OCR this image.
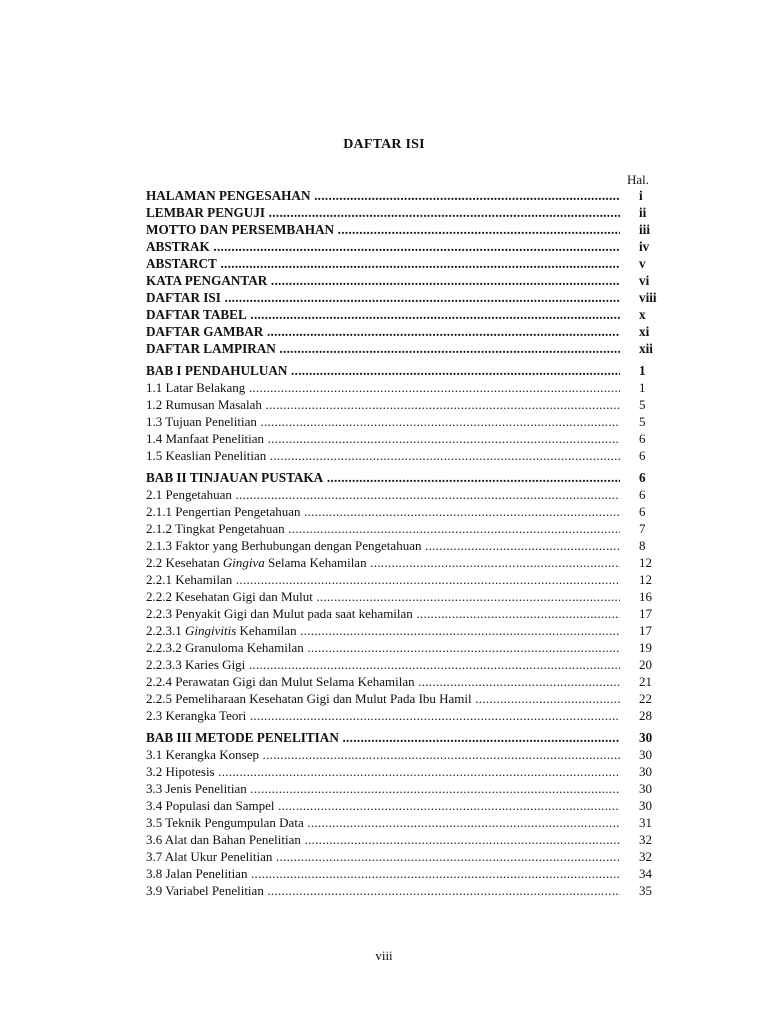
DAFTAR ISI
Hal.
HALAMAN PENGESAHAN .....	i
LEMBAR PENGUJI .....	ii
MOTTO DAN PERSEMBAHAN .....	iii
ABSTRAK .....	iv
ABSTARCT .....	v
KATA PENGANTAR .....	vi
DAFTAR ISI .....	viii
DAFTAR TABEL .....	x
DAFTAR GAMBAR .....	xi
DAFTAR LAMPIRAN .....	xii
BAB I PENDAHULUAN .....	1
1.1 Latar Belakang .....	1
1.2 Rumusan Masalah .....	5
1.3 Tujuan Penelitian .....	5
1.4 Manfaat Penelitian .....	6
1.5 Keaslian Penelitian .....	6
BAB II TINJAUAN PUSTAKA .....	6
2.1 Pengetahuan .....	6
2.1.1 Pengertian Pengetahuan .....	6
2.1.2 Tingkat Pengetahuan .....	7
2.1.3 Faktor yang Berhubungan dengan Pengetahuan .....	8
2.2 Kesehatan Gingiva Selama Kehamilan .....	12
2.2.1 Kehamilan .....	12
2.2.2 Kesehatan Gigi dan Mulut .....	16
2.2.3 Penyakit Gigi dan Mulut pada saat kehamilan .....	17
2.2.3.1 Gingivitis Kehamilan .....	17
2.2.3.2 Granuloma Kehamilan .....	19
2.2.3.3 Karies Gigi .....	20
2.2.4 Perawatan Gigi dan Mulut Selama Kehamilan .....	21
2.2.5 Pemeliharaan Kesehatan Gigi dan Mulut Pada Ibu Hamil .....	22
2.3 Kerangka Teori .....	28
BAB III METODE PENELITIAN .....	30
3.1 Kerangka Konsep .....	30
3.2 Hipotesis .....	30
3.3 Jenis Penelitian .....	30
3.4 Populasi dan Sampel .....	30
3.5 Teknik Pengumpulan Data .....	31
3.6 Alat dan Bahan Penelitian .....	32
3.7 Alat Ukur Penelitian .....	32
3.8 Jalan Penelitian .....	34
3.9 Variabel Penelitian .....	35
viii
